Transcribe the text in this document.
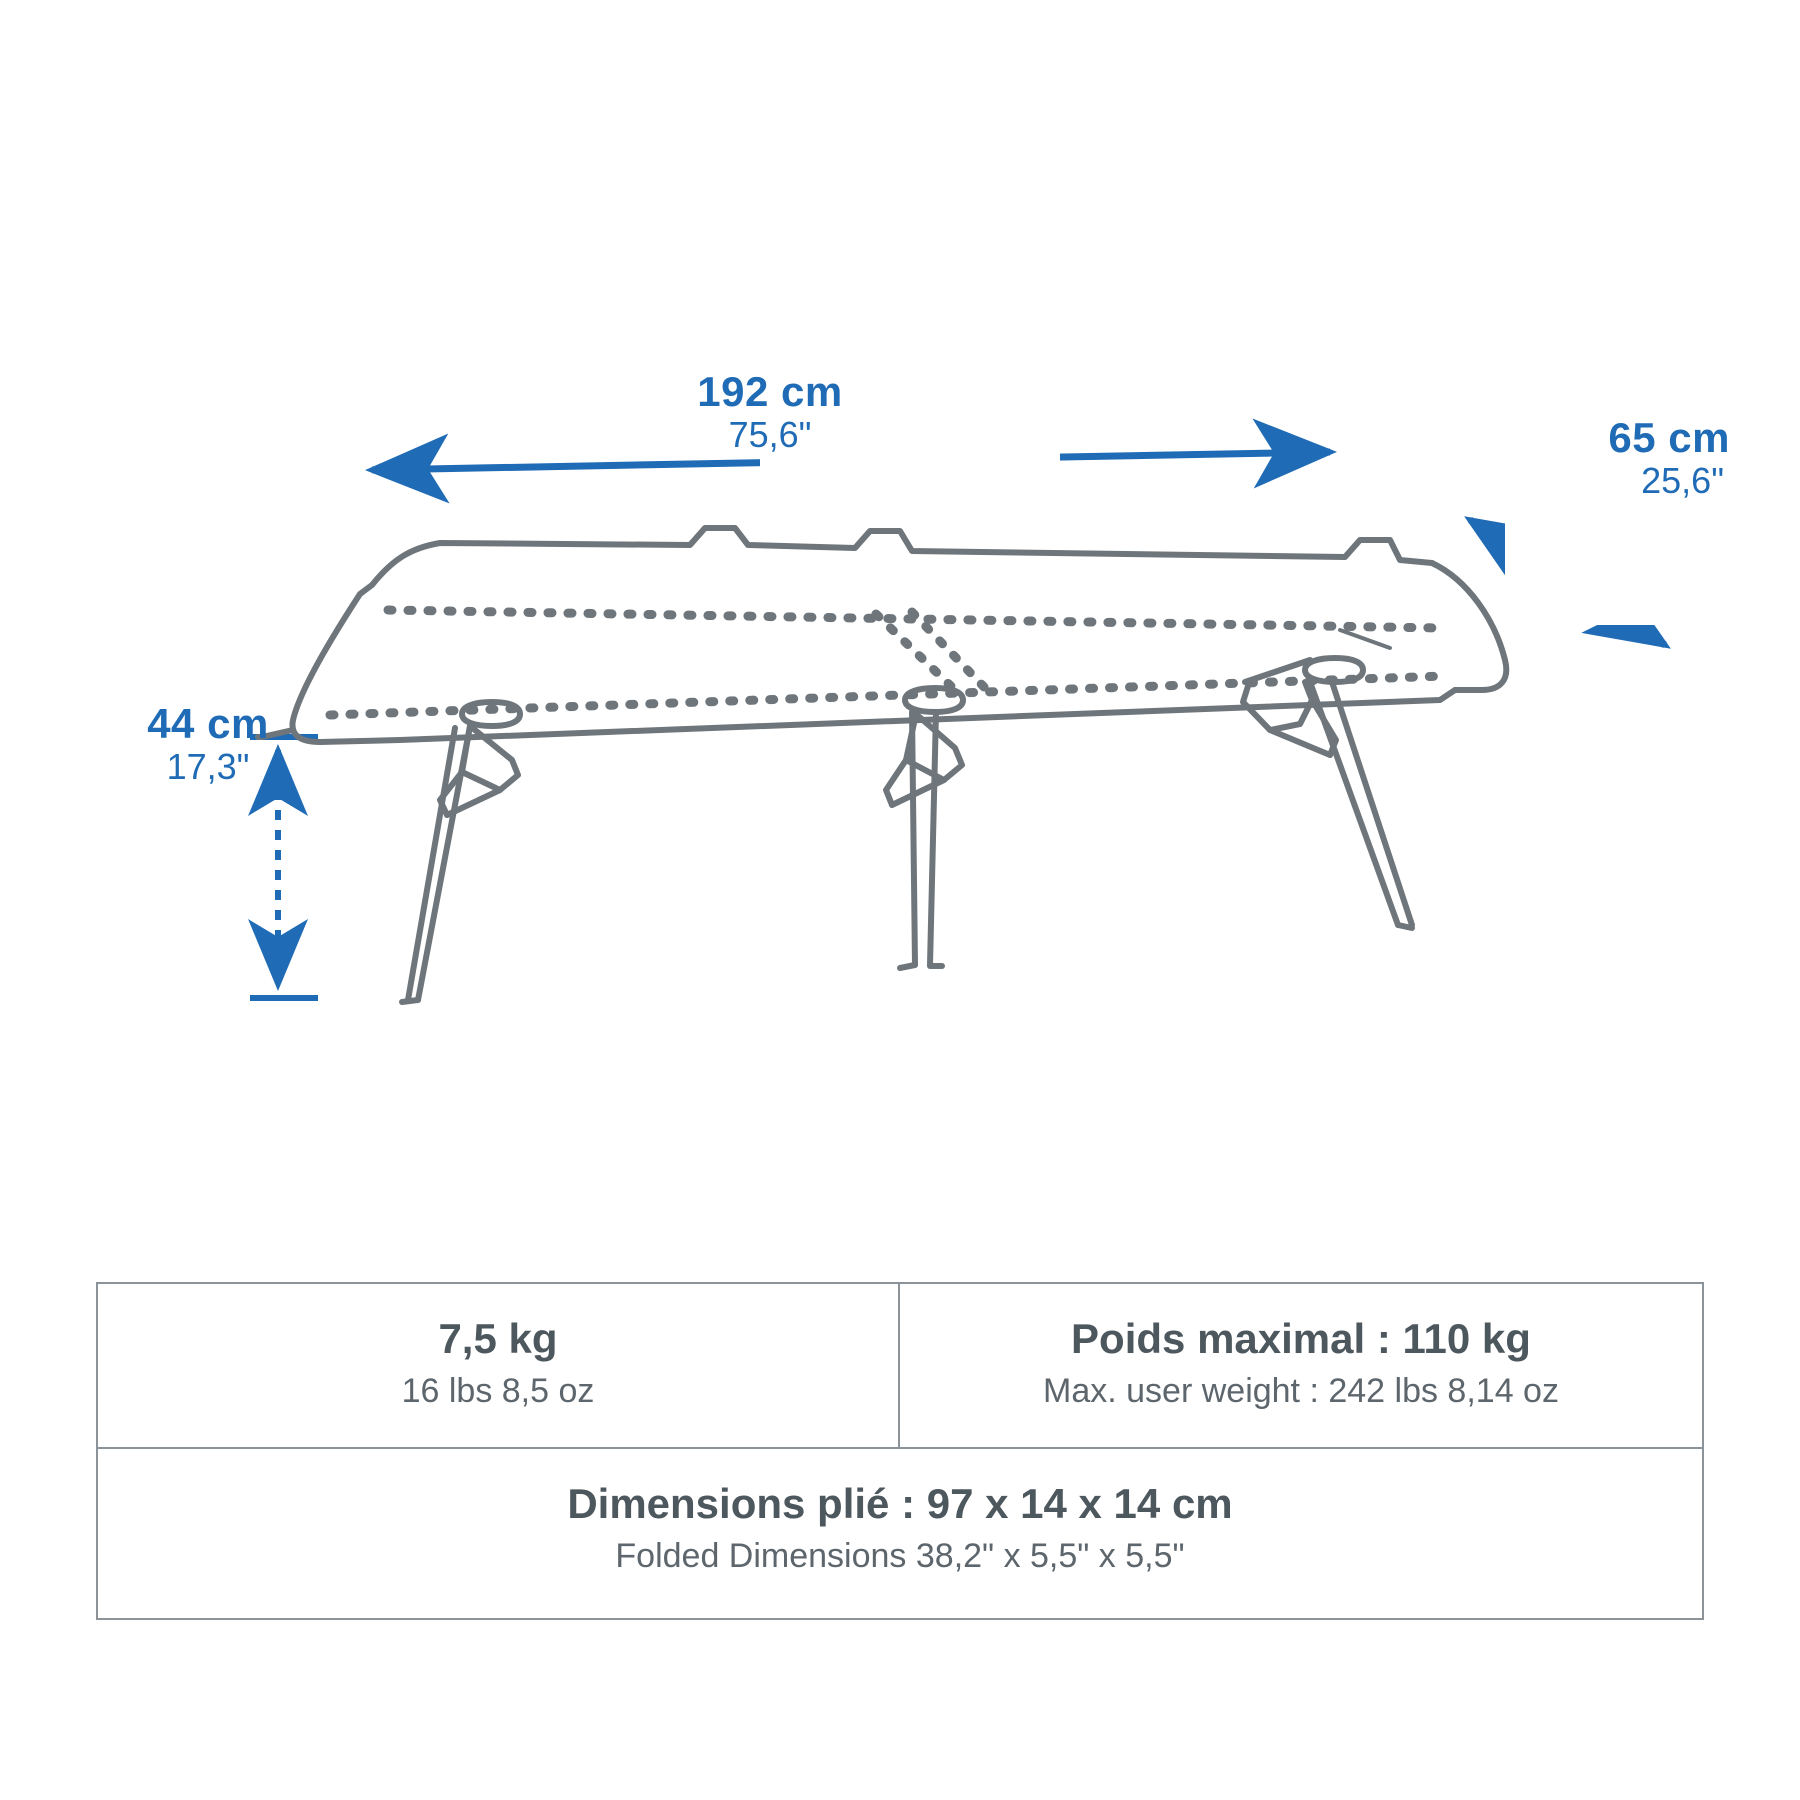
192 cm
75,6"
44 cm
17,3"
65 cm
25,6"
7,5 kg
16 lbs 8,5 oz
Poids maximal : 110 kg
Max. user weight : 242 lbs 8,14 oz
Dimensions plié : 97 x 14 x 14 cm
Folded Dimensions 38,2" x 5,5" x 5,5"
